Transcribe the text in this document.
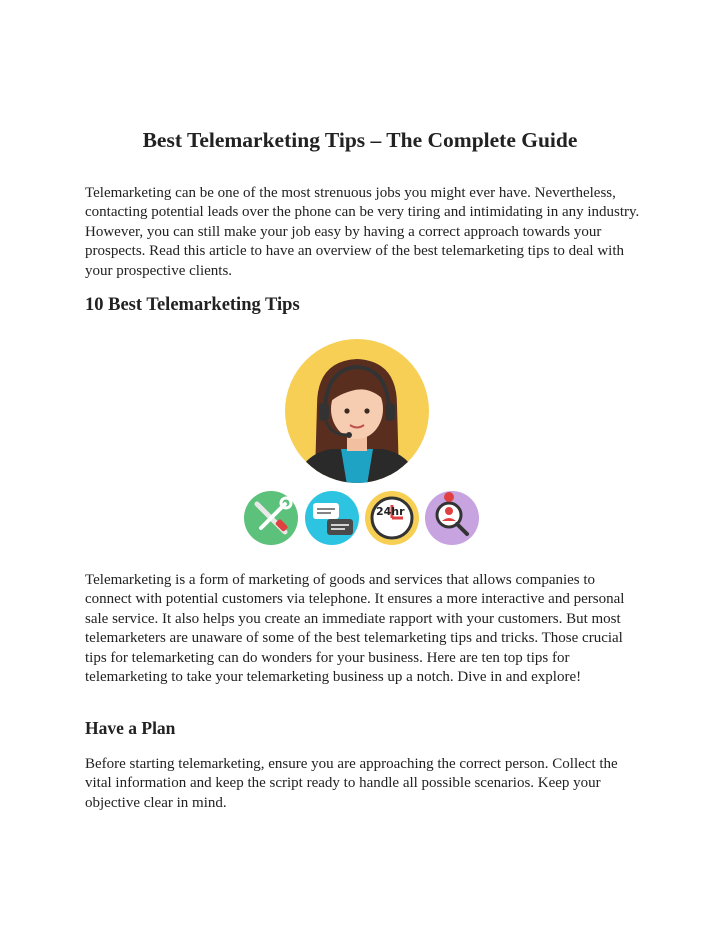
Best Telemarketing Tips – The Complete Guide

Telemarketing can be one of the most strenuous jobs you might ever have. Nevertheless, contacting potential leads over the phone can be very tiring and intimidating in any industry. However, you can still make your job easy by having a correct approach towards your prospects. Read this article to have an overview of the best telemarketing tips to deal with your prospective clients.

10 Best Telemarketing Tips
24hr

Telemarketing is a form of marketing of goods and services that allows companies to connect with potential customers via telephone. It ensures a more interactive and personal sale service. It also helps you create an immediate rapport with your customers. But most telemarketers are unaware of some of the best telemarketing tips and tricks. Those crucial tips for telemarketing can do wonders for your business. Here are ten top tips for telemarketing to take your telemarketing business up a notch. Dive in and explore!

Have a Plan

Before starting telemarketing, ensure you are approaching the correct person. Collect the vital information and keep the script ready to handle all possible scenarios. Keep your objective clear in mind.
